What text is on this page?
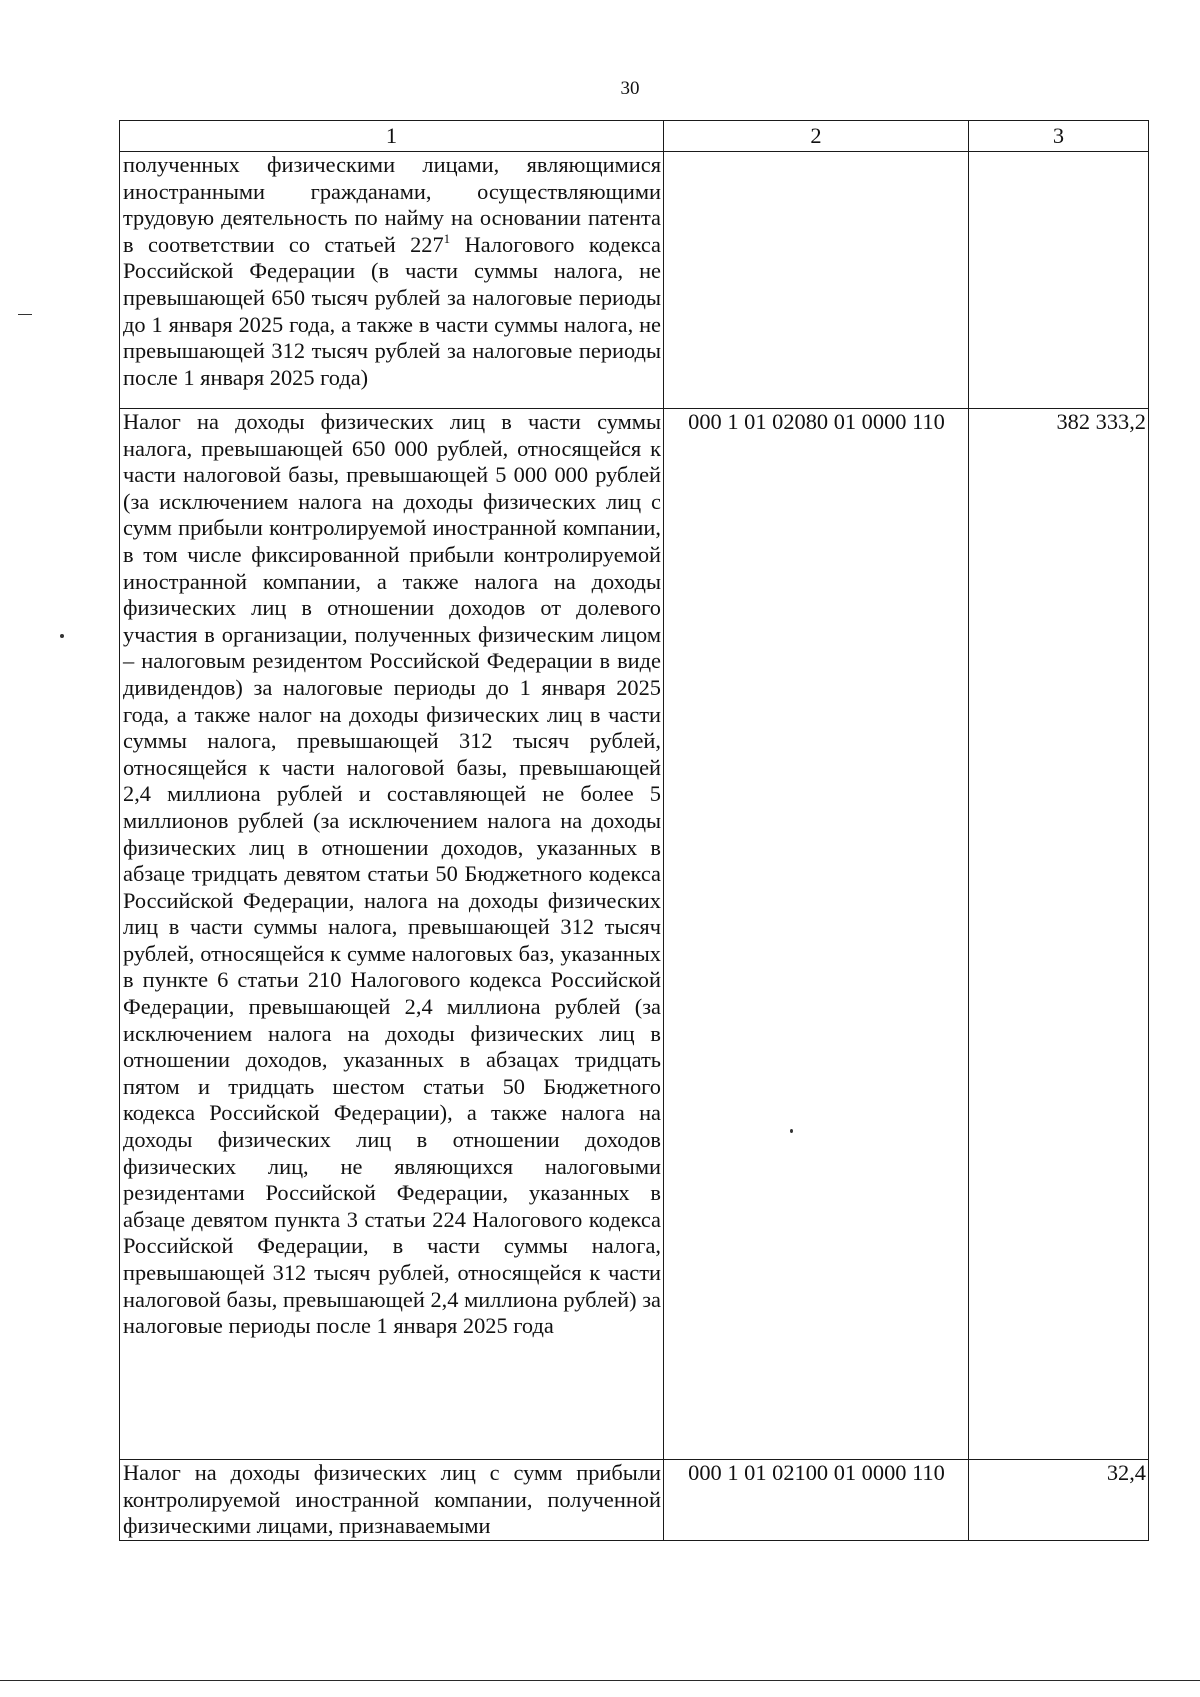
30
1	2	3
полученных физическими лицами, являющимися иностранными гражданами, осуществляющими трудовую деятельность по найму на основании патента в соответствии со статьей $227^1$ Налогового кодекса Российской Федерации (в части суммы налога, не превышающей 650 тысяч рублей за налоговые периоды до 1 января 2025 года, а также в части суммы налога, не превышающей 312 тысяч рублей за налоговые периоды после 1 января 2025 года)		
Налог на доходы физических лиц в части суммы налога, превышающей 650 000 рублей, относящейся к части налоговой базы, превышающей 5 000 000 рублей (за исключением налога на доходы физических лиц с сумм прибыли контролируемой иностранной компании, в том числе фиксированной прибыли контролируемой иностранной компании, а также налога на доходы физических лиц в отношении доходов от долевого участия в организации, полученных физическим лицом – налоговым резидентом Российской Федерации в виде дивидендов) за налоговые периоды до 1 января 2025 года, а также налог на доходы физических лиц в части суммы налога, превышающей 312 тысяч рублей, относящейся к части налоговой базы, превышающей 2,4 миллиона рублей и составляющей не более 5 миллионов рублей (за исключением налога на доходы физических лиц в отношении доходов, указанных в абзаце тридцать девятом статьи 50 Бюджетного кодекса Российской Федерации, налога на доходы физических лиц в части суммы налога, превышающей 312 тысяч рублей, относящейся к сумме налоговых баз, указанных в пункте 6 статьи 210 Налогового кодекса Российской Федерации, превышающей 2,4 миллиона рублей (за исключением налога на доходы физических лиц в отношении доходов, указанных в абзацах тридцать пятом и тридцать шестом статьи 50 Бюджетного кодекса Российской Федерации), а также налога на доходы физических лиц в отношении доходов физических лиц, не являющихся налоговыми резидентами Российской Федерации, указанных в абзаце девятом пункта 3 статьи 224 Налогового кодекса Российской Федерации, в части суммы налога, превышающей 312 тысяч рублей, относящейся к части налоговой базы, превышающей 2,4 миллиона рублей) за налоговые периоды после 1 января 2025 года	000 1 01 02080 01 0000 110	382 333,2
Налог на доходы физических лиц с сумм прибыли контролируемой иностранной компании, полученной физическими лицами, признаваемыми	000 1 01 02100 01 0000 110	32,4
